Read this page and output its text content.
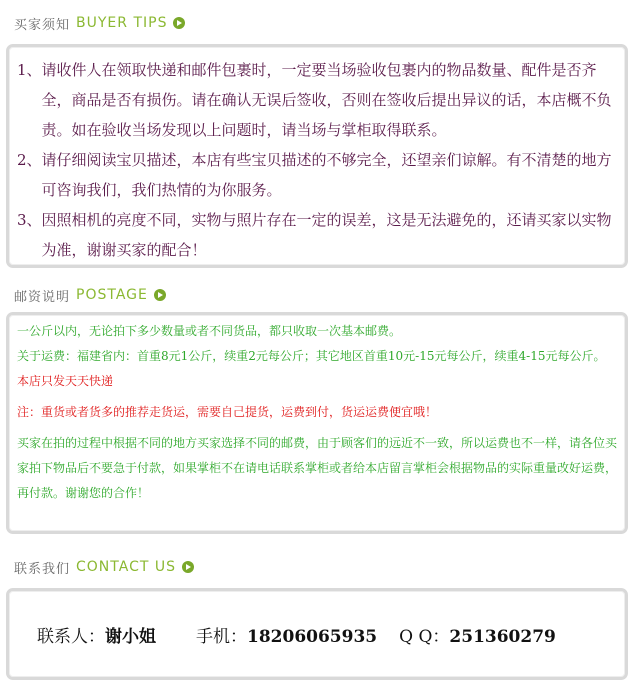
买家须知 BUYER TIPS
1、 请收件人在领取快递和邮件包裹时，一定要当场验收包裹内的物品数量、配件是否齐全，商品是否有损伤。请在确认无误后签收，否则在签收后提出异议的话，本店概不负责。如在验收当场发现以上问题时，请当场与掌柜取得联系。
2、 请仔细阅读宝贝描述，本店有些宝贝描述的不够完全，还望亲们谅解。有不清楚的地方可咨询我们，我们热情的为你服务。
3、 因照相机的亮度不同，实物与照片存在一定的误差，这是无法避免的，还请买家以实物为准，谢谢买家的配合！
邮资说明 POSTAGE
一公斤以内，无论拍下多少数量或者不同货品，都只收取一次基本邮费。
关于运费：福建省内：首重8元1公斤，续重2元每公斤；其它地区首重10元-15元每公斤，续重4-15元每公斤。本店只发天天快递
注：重货或者货多的推荐走货运，需要自己提货，运费到付，货运运费便宜哦！
买家在拍的过程中根据不同的地方买家选择不同的邮费，由于顾客们的远近不一致，所以运费也不一样，请各位买家拍下物品后不要急于付款，如果掌柜不在请电话联系掌柜或者给本店留言掌柜会根据物品的实际重量改好运费，再付款。谢谢您的合作！
联系我们 CONTACT US
联系人：谢小姐 手机：18206065935 Q Q：251360279
